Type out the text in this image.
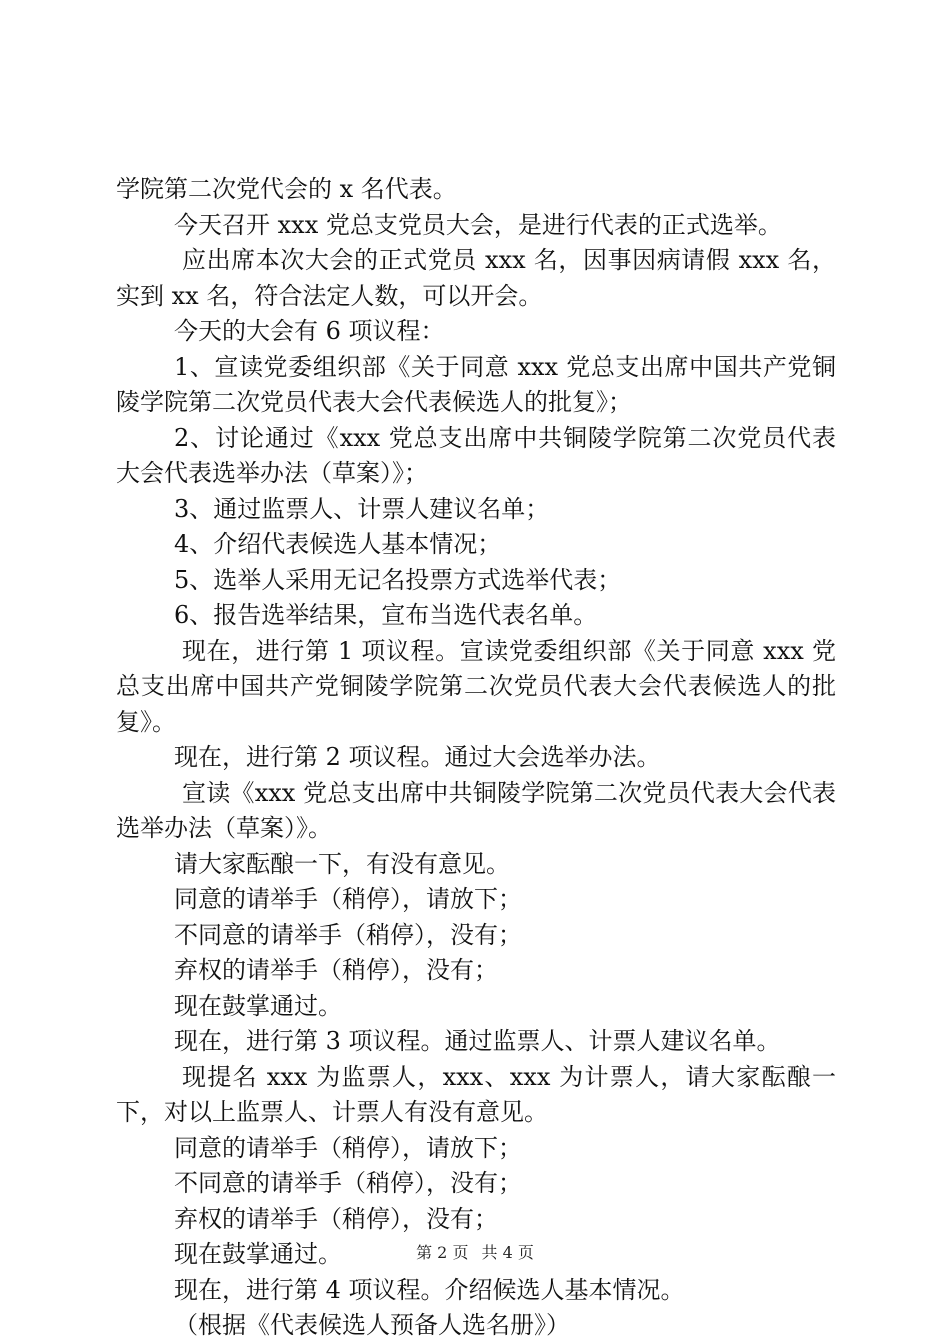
学院第二次党代会的 x 名代表。

今天召开 xxx 党总支党员大会，是进行代表的正式选举。

应出席本次大会的正式党员 xxx 名，因事因病请假 xxx 名，实到 xx 名，符合法定人数，可以开会。

今天的大会有 6 项议程：

1、宣读党委组织部《关于同意 xxx 党总支出席中国共产党铜陵学院第二次党员代表大会代表候选人的批复》；

2、讨论通过《xxx 党总支出席中共铜陵学院第二次党员代表大会代表选举办法（草案）》；

3、通过监票人、计票人建议名单；

4、介绍代表候选人基本情况；

5、选举人采用无记名投票方式选举代表；

6、报告选举结果，宣布当选代表名单。

现在，进行第 1 项议程。宣读党委组织部《关于同意 xxx 党总支出席中国共产党铜陵学院第二次党员代表大会代表候选人的批复》。

现在，进行第 2 项议程。通过大会选举办法。

宣读《xxx 党总支出席中共铜陵学院第二次党员代表大会代表选举办法（草案）》。

请大家酝酿一下，有没有意见。

同意的请举手（稍停），请放下；

不同意的请举手（稍停），没有；

弃权的请举手（稍停），没有；

现在鼓掌通过。

现在，进行第 3 项议程。通过监票人、计票人建议名单。

现提名 xxx 为监票人，xxx、xxx 为计票人，请大家酝酿一下，对以上监票人、计票人有没有意见。

同意的请举手（稍停），请放下；

不同意的请举手（稍停），没有；

弃权的请举手（稍停），没有；

现在鼓掌通过。

现在，进行第 4 项议程。介绍候选人基本情况。

（根据《代表候选人预备人选名册》）

第 2 页 共 4 页
